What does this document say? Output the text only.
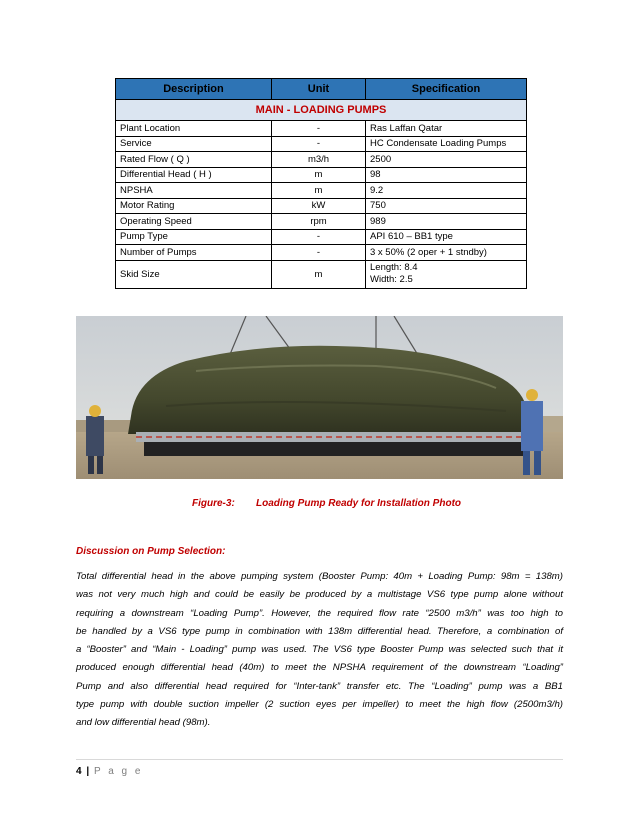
Description	Unit	Specification
MAIN - LOADING PUMPS		
Plant Location	-	Ras Laffan Qatar
Service	-	HC Condensate Loading Pumps
Rated Flow ( Q )	m3/h	2500
Differential Head ( H )	m	98
NPSHA	m	9.2
Motor Rating	kW	750
Operating Speed	rpm	989
Pump Type	-	API 610 – BB1 type
Number of Pumps	-	3 x 50% (2 oper + 1 stndby)
Skid Size	m	Length: 8.4
Width: 2.5
Figure-3: Loading Pump Ready for Installation Photo
Discussion on Pump Selection:
Total differential head in the above pumping system (Booster Pump: 40m + Loading Pump: 98m = 138m)
was not very much high and could be easily be produced by a multistage VS6 type pump alone without
requiring a downstream “Loading Pump”. However, the required flow rate “2500 m3/h” was too high to
be handled by a VS6 type pump in combination with 138m differential head. Therefore, a combination of
a “Booster” and “Main - Loading” pump was used. The VS6 type Booster Pump was selected such that it
produced enough differential head (40m) to meet the NPSHA requirement of the downstream “Loading”
Pump and also differential head required for “Inter-tank” transfer etc. The “Loading” pump was a BB1
type pump with double suction impeller (2 suction eyes per impeller) to meet the high flow (2500m3/h)
and low differential head (98m).
4 | P a g e
